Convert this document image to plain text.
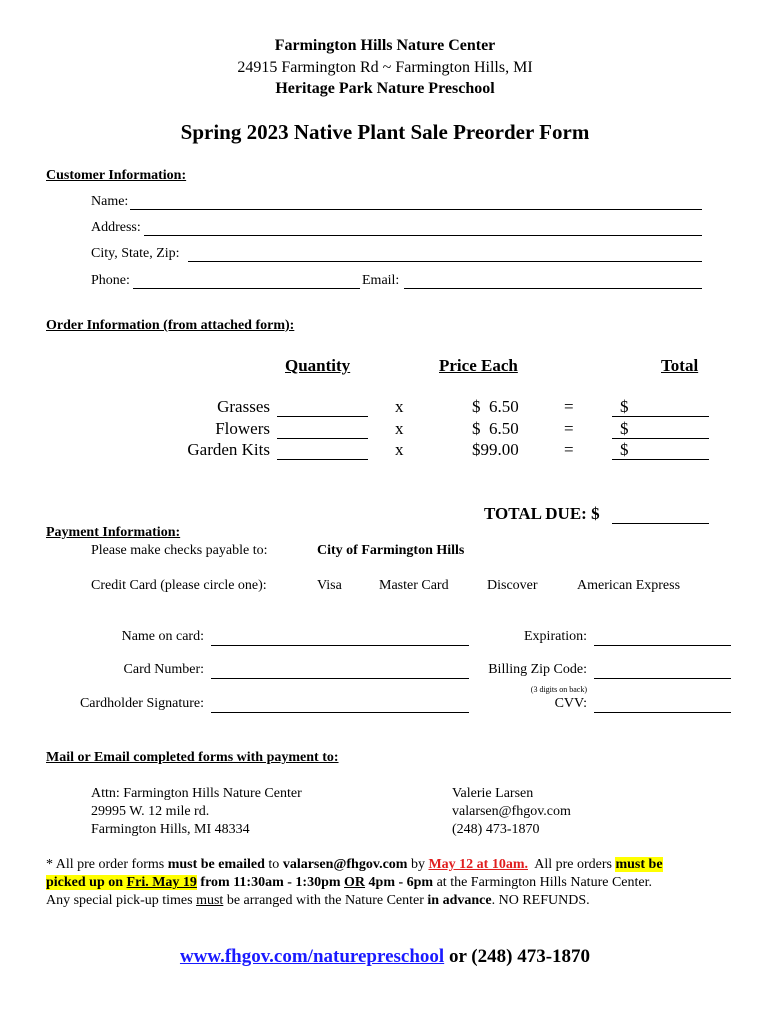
Farmington Hills Nature Center
24915 Farmington Rd ~ Farmington Hills, MI
Heritage Park Nature Preschool
Spring 2023 Native Plant Sale Preorder Form
Customer Information:
Name:
Address:
City, State, Zip:
Phone:	Email:
Order Information (from attached form):
Quantity	Price Each	Total
Grasses	x	$  6.50	=	$
Flowers	x	$  6.50	=	$
Garden Kits	x	$99.00	=	$
TOTAL DUE: $
Payment Information:
Please make checks payable to:	City of Farmington Hills
Credit Card (please circle one):	Visa	Master Card	Discover	American Express
Name on card:	Expiration:
Card Number:	Billing Zip Code:
(3 digits on back)
Cardholder Signature:	CVV:
Mail or Email completed forms with payment to:
Attn: Farmington Hills Nature Center
29995 W. 12 mile rd.
Farmington Hills, MI 48334
Valerie Larsen
valarsen@fhgov.com
(248) 473-1870
* All pre order forms must be emailed to valarsen@fhgov.com by May 12 at 10am.  All pre orders must be
picked up on Fri. May 19 from 11:30am - 1:30pm OR 4pm - 6pm at the Farmington Hills Nature Center.
Any special pick-up times must be arranged with the Nature Center in advance. NO REFUNDS.
www.fhgov.com/naturepreschool or (248) 473-1870
